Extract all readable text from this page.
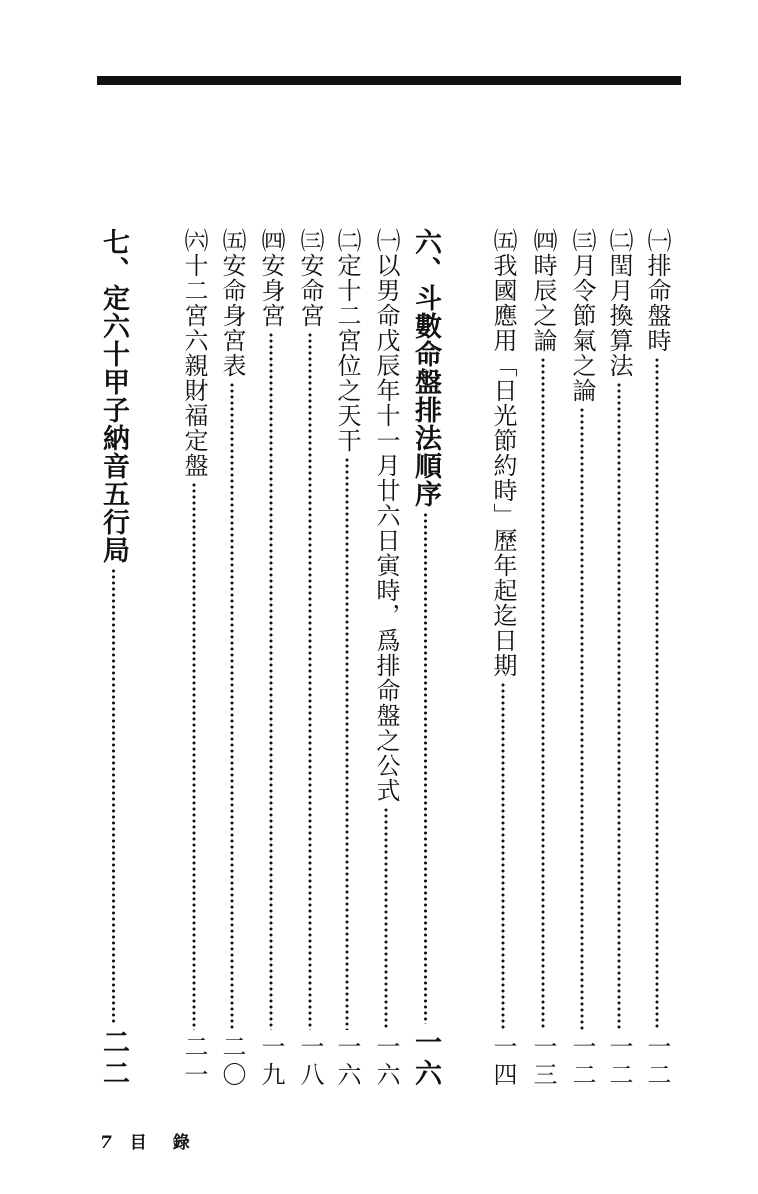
㈠排命盤時
一二
㈡閏月換算法
一二
㈢月令節氣之論
一二
㈣時辰之論
一三
㈤我國應用「日光節約時」歷年起迄日期
一四
六、斗數命盤排法順序
一六
㈠以男命戊辰年十一月廿六日寅時，爲排命盤之公式
一六
㈡定十二宮位之天干
一六
㈢安命宮
一八
㈣安身宮
一九
㈤安命身宮表
二〇
㈥十二宮六親財福定盤
二一
七、定六十甲子納音五行局
二二
7 目 錄
